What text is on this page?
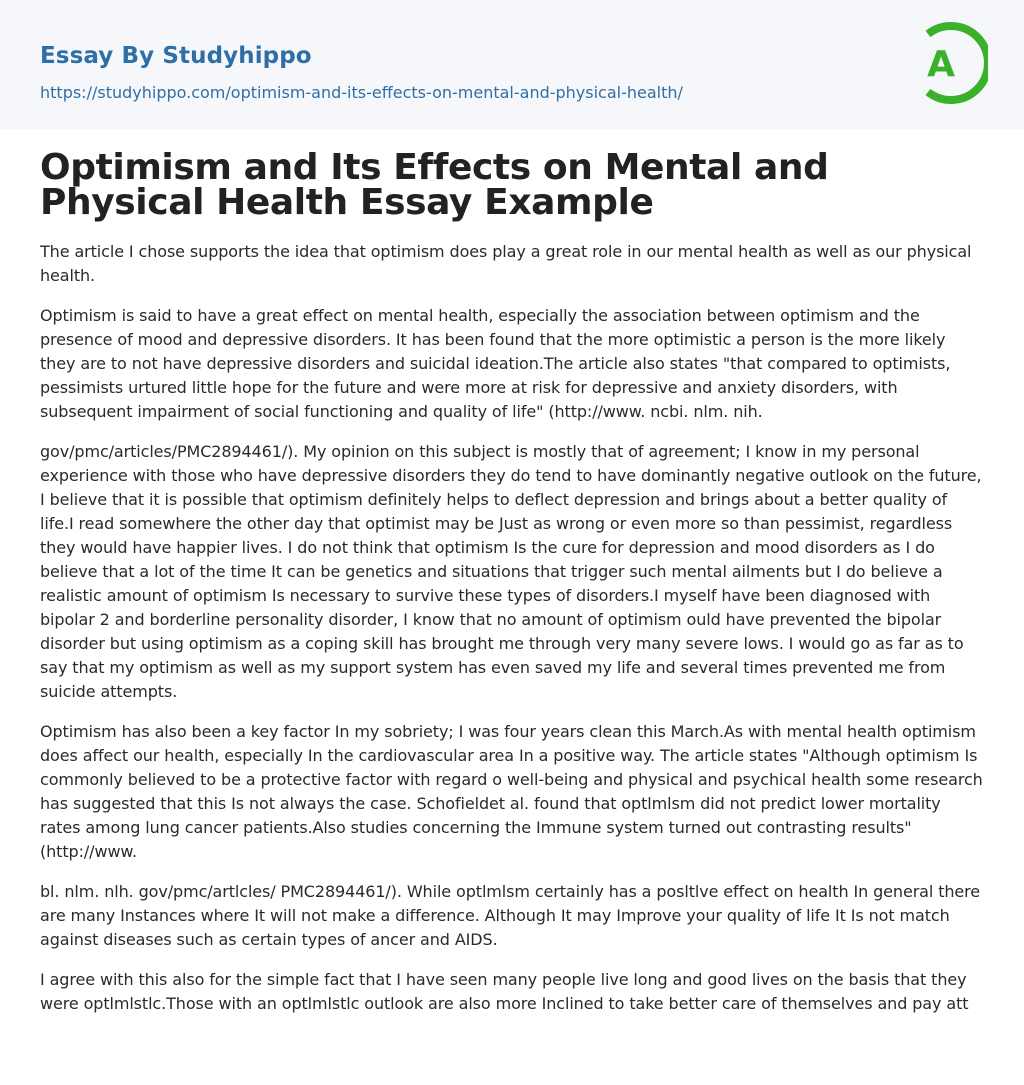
Essay By Studyhippo
https://studyhippo.com/optimism-and-its-effects-on-mental-and-physical-health/
A
Optimism and Its Effects on Mental and Physical Health Essay Example

The article I chose supports the idea that optimism does play a great role in our mental health as well as our physical health.

Optimism is said to have a great effect on mental health, especially the association between optimism and the presence of mood and depressive disorders. It has been found that the more optimistic a person is the more likely they are to not have depressive disorders and suicidal ideation.The article also states "that compared to optimists, pessimists urtured little hope for the future and were more at risk for depressive and anxiety disorders, with subsequent impairment of social functioning and quality of life" (http://www. ncbi. nlm. nih.

gov/pmc/articles/PMC2894461/). My opinion on this subject is mostly that of agreement; I know in my personal experience with those who have depressive disorders they do tend to have dominantly negative outlook on the future, I believe that it is possible that optimism definitely helps to deflect depression and brings about a better quality of life.I read somewhere the other day that optimist may be Just as wrong or even more so than pessimist, regardless they would have happier lives. I do not think that optimism Is the cure for depression and mood disorders as I do believe that a lot of the time It can be genetics and situations that trigger such mental ailments but I do believe a realistic amount of optimism Is necessary to survive these types of disorders.I myself have been diagnosed with bipolar 2 and borderline personality disorder, I know that no amount of optimism ould have prevented the bipolar disorder but using optimism as a coping skill has brought me through very many severe lows. I would go as far as to say that my optimism as well as my support system has even saved my life and several times prevented me from suicide attempts.

Optimism has also been a key factor In my sobriety; I was four years clean this March.As with mental health optimism does affect our health, especially In the cardiovascular area In a positive way. The article states "Although optimism Is commonly believed to be a protective factor with regard o well-being and physical and psychical health some research has suggested that this Is not always the case. Schofieldet al. found that optlmlsm did not predict lower mortality rates among lung cancer patients.Also studies concerning the Immune system turned out contrasting results" (http://www.

bl. nlm. nlh. gov/pmc/artlcles/ PMC2894461/). While optlmlsm certainly has a posltlve effect on health In general there are many Instances where It will not make a difference. Although It may Improve your quality of life It Is not match against diseases such as certain types of ancer and AIDS.

I agree with this also for the simple fact that I have seen many people live long and good lives on the basis that they were optlmlstlc.Those with an optlmlstlc outlook are also more Inclined to take better care of themselves and pay att
